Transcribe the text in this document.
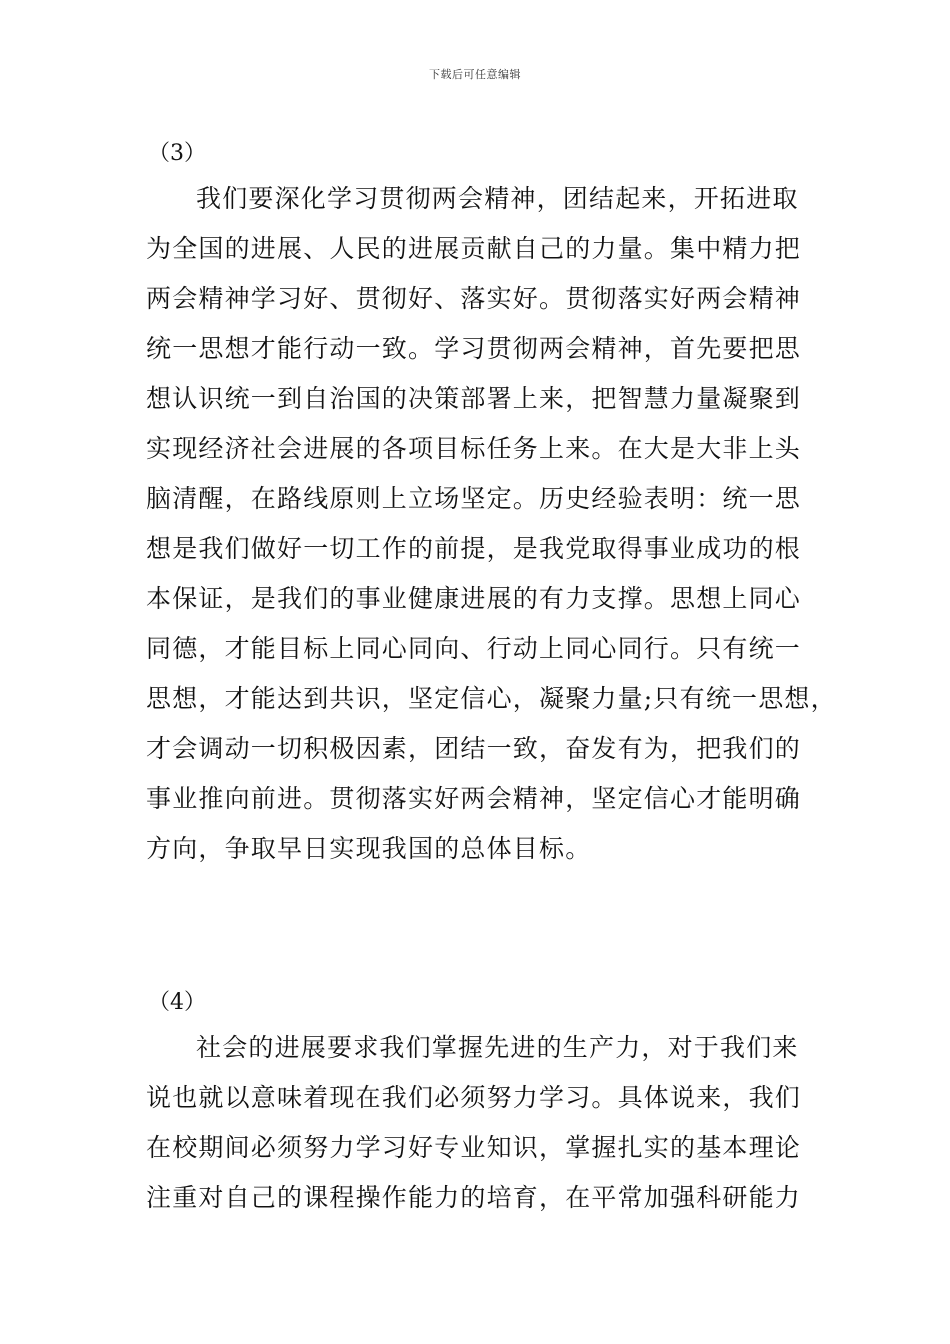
下载后可任意编辑
（3）
我们要深化学习贯彻两会精神，团结起来，开拓进取
为全国的进展、人民的进展贡献自己的力量。集中精力把
两会精神学习好、贯彻好、落实好。贯彻落实好两会精神
统一思想才能行动一致。学习贯彻两会精神，首先要把思
想认识统一到自治国的决策部署上来，把智慧力量凝聚到
实现经济社会进展的各项目标任务上来。在大是大非上头
脑清醒，在路线原则上立场坚定。历史经验表明：统一思
想是我们做好一切工作的前提，是我党取得事业成功的根
本保证，是我们的事业健康进展的有力支撑。思想上同心
同德，才能目标上同心同向、行动上同心同行。只有统一
思想，才能达到共识，坚定信心，凝聚力量;只有统一思想，
才会调动一切积极因素，团结一致，奋发有为，把我们的
事业推向前进。贯彻落实好两会精神，坚定信心才能明确
方向，争取早日实现我国的总体目标。
（4）
社会的进展要求我们掌握先进的生产力，对于我们来
说也就以意味着现在我们必须努力学习。具体说来，我们
在校期间必须努力学习好专业知识，掌握扎实的基本理论
注重对自己的课程操作能力的培育，在平常加强科研能力
